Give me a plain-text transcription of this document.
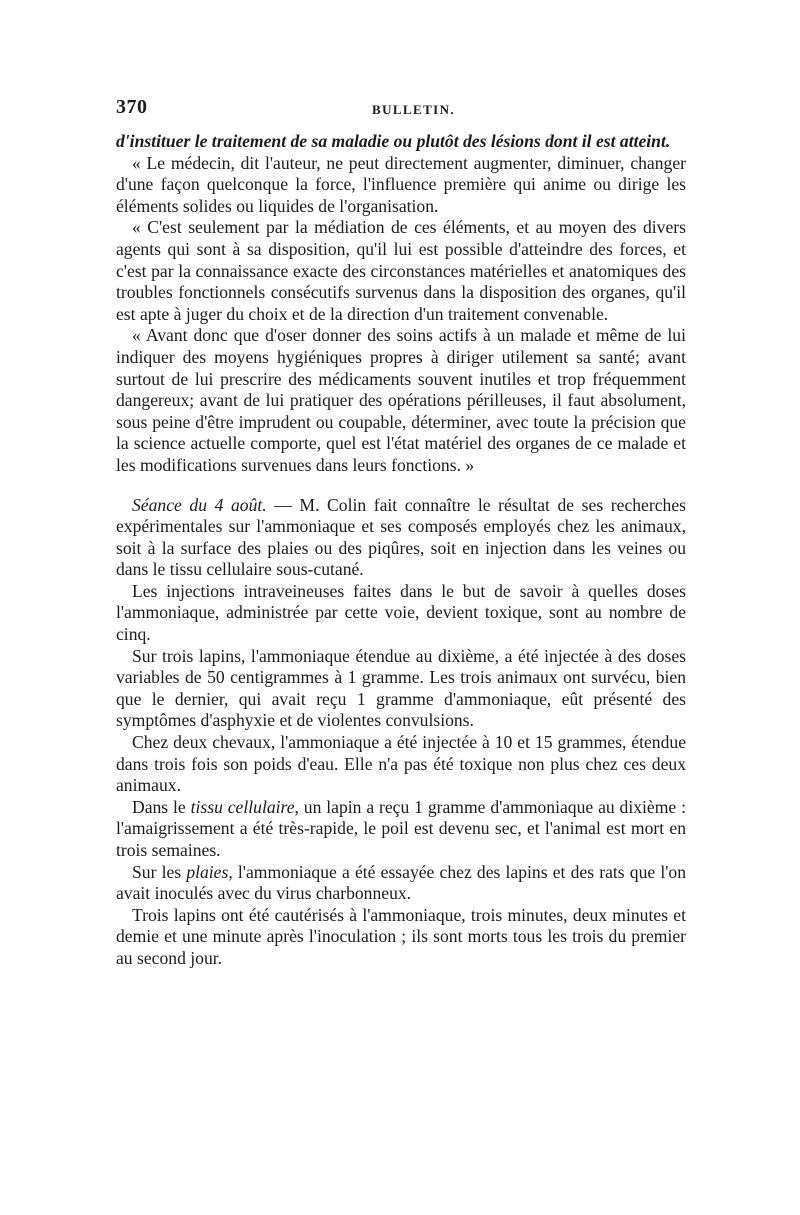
370	BULLETIN.

d'instituer le traitement de sa maladie ou plutôt des lésions dont il est atteint.

« Le médecin, dit l'auteur, ne peut directement augmenter, diminuer, changer d'une façon quelconque la force, l'influence première qui anime ou dirige les éléments solides ou liquides de l'organisation.

« C'est seulement par la médiation de ces éléments, et au moyen des divers agents qui sont à sa disposition, qu'il lui est possible d'atteindre des forces, et c'est par la connaissance exacte des circonstances matérielles et anatomiques des troubles fonctionnels consécutifs survenus dans la disposition des organes, qu'il est apte à juger du choix et de la direction d'un traitement convenable.

« Avant donc que d'oser donner des soins actifs à un malade et même de lui indiquer des moyens hygiéniques propres à diriger utilement sa santé; avant surtout de lui prescrire des médicaments souvent inutiles et trop fréquemment dangereux; avant de lui pratiquer des opérations périlleuses, il faut absolument, sous peine d'être imprudent ou coupable, déterminer, avec toute la précision que la science actuelle comporte, quel est l'état matériel des organes de ce malade et les modifications survenues dans leurs fonctions. »

Séance du 4 août. — M. Colin fait connaître le résultat de ses recherches expérimentales sur l'ammoniaque et ses composés employés chez les animaux, soit à la surface des plaies ou des piqûres, soit en injection dans les veines ou dans le tissu cellulaire sous-cutané.

Les injections intraveineuses faites dans le but de savoir à quelles doses l'ammoniaque, administrée par cette voie, devient toxique, sont au nombre de cinq.

Sur trois lapins, l'ammoniaque étendue au dixième, a été injectée à des doses variables de 50 centigrammes à 1 gramme. Les trois animaux ont survécu, bien que le dernier, qui avait reçu 1 gramme d'ammoniaque, eût présenté des symptômes d'asphyxie et de violentes convulsions.

Chez deux chevaux, l'ammoniaque a été injectée à 10 et 15 grammes, étendue dans trois fois son poids d'eau. Elle n'a pas été toxique non plus chez ces deux animaux.

Dans le tissu cellulaire, un lapin a reçu 1 gramme d'ammoniaque au dixième : l'amaigrissement a été très-rapide, le poil est devenu sec, et l'animal est mort en trois semaines.

Sur les plaies, l'ammoniaque a été essayée chez des lapins et des rats que l'on avait inoculés avec du virus charbonneux.

Trois lapins ont été cautérisés à l'ammoniaque, trois minutes, deux minutes et demie et une minute après l'inoculation ; ils sont morts tous les trois du premier au second jour.
